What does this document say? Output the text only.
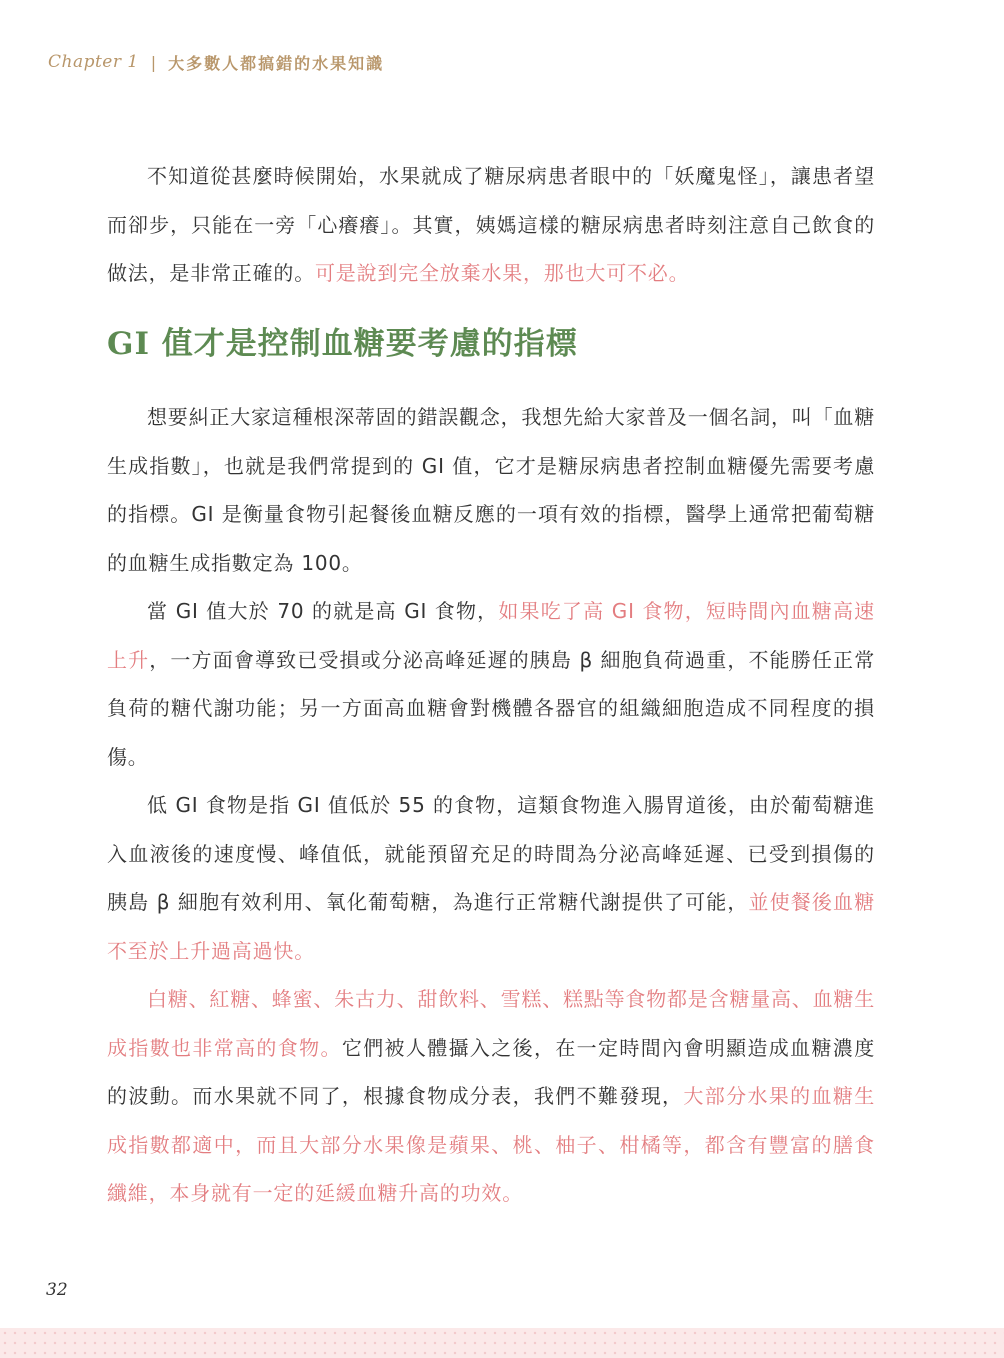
Chapter 1 | 大多數人都搞錯的水果知識

不知道從甚麼時候開始，水果就成了糖尿病患者眼中的「妖魔鬼怪」，讓患者望而卻步，只能在一旁「心癢癢」。其實，姨媽這樣的糖尿病患者時刻注意自己飲食的做法，是非常正確的。可是說到完全放棄水果，那也大可不必。

GI 值才是控制血糖要考慮的指標

想要糾正大家這種根深蒂固的錯誤觀念，我想先給大家普及一個名詞，叫「血糖生成指數」，也就是我們常提到的 GI 值，它才是糖尿病患者控制血糖優先需要考慮的指標。GI 是衡量食物引起餐後血糖反應的一項有效的指標，醫學上通常把葡萄糖的血糖生成指數定為 100。

當 GI 值大於 70 的就是高 GI 食物，如果吃了高 GI 食物，短時間內血糖高速上升，一方面會導致已受損或分泌高峰延遲的胰島 β 細胞負荷過重，不能勝任正常負荷的糖代謝功能；另一方面高血糖會對機體各器官的組織細胞造成不同程度的損傷。

低 GI 食物是指 GI 值低於 55 的食物，這類食物進入腸胃道後，由於葡萄糖進入血液後的速度慢、峰值低，就能預留充足的時間為分泌高峰延遲、已受到損傷的胰島 β 細胞有效利用、氧化葡萄糖，為進行正常糖代謝提供了可能，並使餐後血糖不至於上升過高過快。

白糖、紅糖、蜂蜜、朱古力、甜飲料、雪糕、糕點等食物都是含糖量高、血糖生成指數也非常高的食物。它們被人體攝入之後，在一定時間內會明顯造成血糖濃度的波動。而水果就不同了，根據食物成分表，我們不難發現，大部分水果的血糖生成指數都適中，而且大部分水果像是蘋果、桃、柚子、柑橘等，都含有豐富的膳食纖維，本身就有一定的延緩血糖升高的功效。

32
